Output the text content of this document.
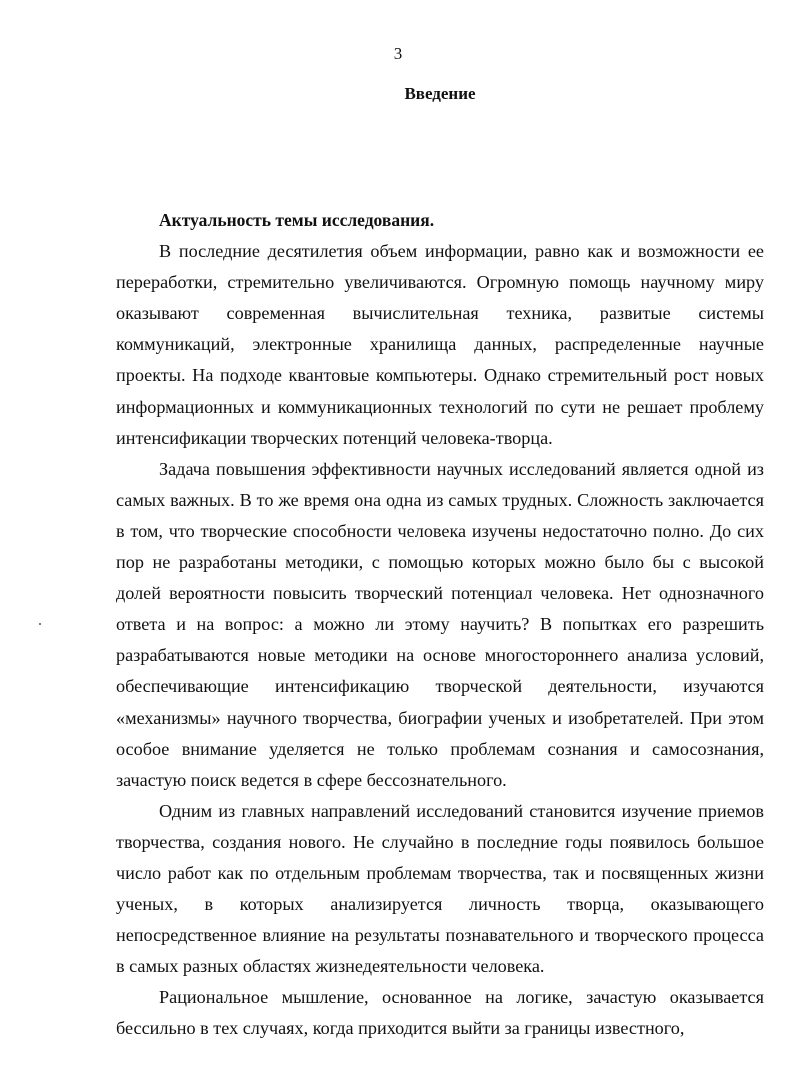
3
Введение

Актуальность темы исследования.

В последние десятилетия объем информации, равно как и возможности ее переработки, стремительно увеличиваются. Огромную помощь научному миру оказывают современная вычислительная техника, развитые системы коммуникаций, электронные хранилища данных, распределенные научные проекты. На подходе квантовые компьютеры. Однако стремительный рост новых информационных и коммуникационных технологий по сути не решает проблему интенсификации творческих потенций человека-творца.

Задача повышения эффективности научных исследований является одной из самых важных. В то же время она одна из самых трудных. Сложность заключается в том, что творческие способности человека изучены недостаточно полно. До сих пор не разработаны методики, с помощью которых можно было бы с высокой долей вероятности повысить творческий потенциал человека. Нет однозначного ответа и на вопрос: а можно ли этому научить? В попытках его разрешить разрабатываются новые методики на основе многостороннего анализа условий, обеспечивающие интенсификацию творческой деятельности, изучаются «механизмы» научного творчества, биографии ученых и изобретателей. При этом особое внимание уделяется не только проблемам сознания и самосознания, зачастую поиск ведется в сфере бессознательного.

Одним из главных направлений исследований становится изучение приемов творчества, создания нового. Не случайно в последние годы появилось большое число работ как по отдельным проблемам творчества, так и посвященных жизни ученых, в которых анализируется личность творца, оказывающего непосредственное влияние на результаты познавательного и творческого процесса в самых разных областях жизнедеятельности человека.

Рациональное мышление, основанное на логике, зачастую оказывается бессильно в тех случаях, когда приходится выйти за границы известного,
